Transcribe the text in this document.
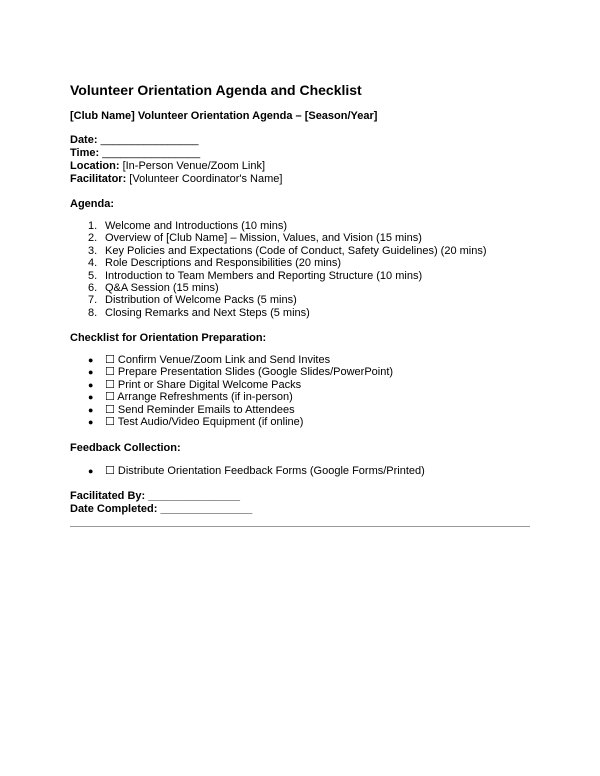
Volunteer Orientation Agenda and Checklist
[Club Name] Volunteer Orientation Agenda – [Season/Year]
Date: ________________
Time: ________________
Location: [In-Person Venue/Zoom Link]
Facilitator: [Volunteer Coordinator's Name]
Agenda:
1. Welcome and Introductions (10 mins)
2. Overview of [Club Name] – Mission, Values, and Vision (15 mins)
3. Key Policies and Expectations (Code of Conduct, Safety Guidelines) (20 mins)
4. Role Descriptions and Responsibilities (20 mins)
5. Introduction to Team Members and Reporting Structure (10 mins)
6. Q&A Session (15 mins)
7. Distribution of Welcome Packs (5 mins)
8. Closing Remarks and Next Steps (5 mins)
Checklist for Orientation Preparation:
● ☐ Confirm Venue/Zoom Link and Send Invites
● ☐ Prepare Presentation Slides (Google Slides/PowerPoint)
● ☐ Print or Share Digital Welcome Packs
● ☐ Arrange Refreshments (if in-person)
● ☐ Send Reminder Emails to Attendees
● ☐ Test Audio/Video Equipment (if online)
Feedback Collection:
● ☐ Distribute Orientation Feedback Forms (Google Forms/Printed)
Facilitated By: _______________
Date Completed: _______________
